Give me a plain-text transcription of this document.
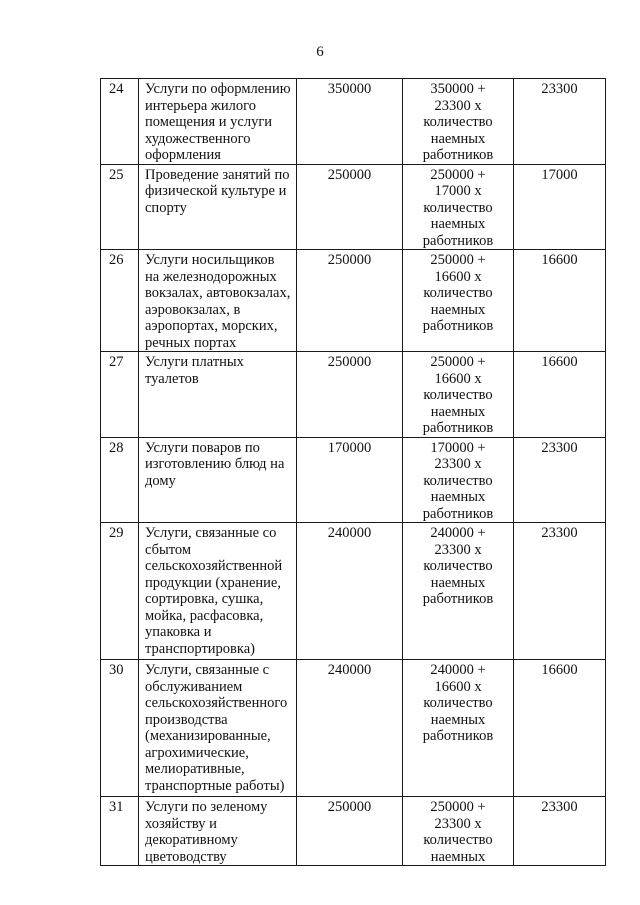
6
24	Услуги по оформлению интерьера жилого помещения и услуги художественного оформления	350000	350000 +
23300 х
количество
наемных
работников	23300
25	Проведение занятий по физической культуре и спорту	250000	250000 +
17000 х
количество
наемных
работников	17000
26	Услуги носильщиков на железнодорожных вокзалах, автовокзалах, аэровокзалах, в аэропортах, морских, речных портах	250000	250000 +
16600 х
количество
наемных
работников	16600
27	Услуги платных туалетов	250000	250000 +
16600 х
количество
наемных
работников	16600
28	Услуги поваров по изготовлению блюд на дому	170000	170000 +
23300 х
количество
наемных
работников	23300
29	Услуги, связанные со сбытом сельскохозяйственной продукции (хранение, сортировка, сушка, мойка, расфасовка, упаковка и транспортировка)	240000	240000 +
23300 х
количество
наемных
работников	23300
30	Услуги, связанные с обслуживанием сельскохозяйственного производства (механизированные, агрохимические, мелиоративные, транспортные работы)	240000	240000 +
16600 х
количество
наемных
работников	16600
31	Услуги по зеленому хозяйству и декоративному цветоводству	250000	250000 +
23300 х
количество
наемных	23300
